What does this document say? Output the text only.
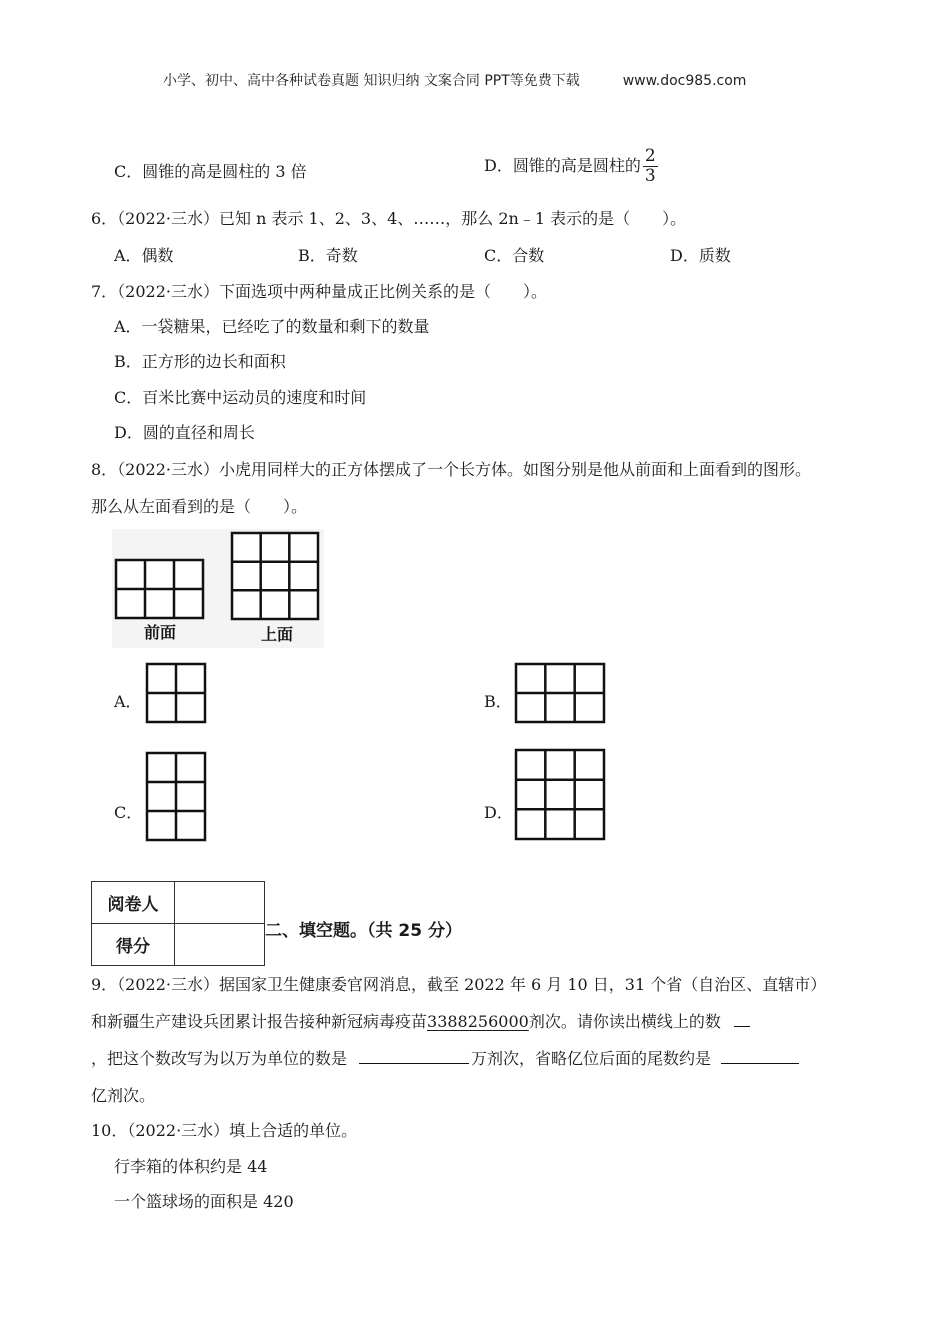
小学、初中、高中各种试卷真题 知识归纳 文案合同 PPT等免费下载	www.doc985.com
C．圆锥的高是圆柱的 3 倍	D．圆锥的高是圆柱的 $\frac{2}{3}$
6．（2022·三水）已知 n 表示 1、2、3、4、……，那么 2n﹣1 表示的是（　　）。
A．偶数	B．奇数	C．合数	D．质数
7．（2022·三水）下面选项中两种量成正比例关系的是（　　）。
A．一袋糖果，已经吃了的数量和剩下的数量
B．正方形的边长和面积
C．百米比赛中运动员的速度和时间
D．圆的直径和周长
8．（2022·三水）小虎用同样大的正方体摆成了一个长方体。如图分别是他从前面和上面看到的图形。
那么从左面看到的是（　　）。
前面	上面
A．	B．
C．	D．
阅卷人	
得分	
二、填空题。（共 25 分）
9．（2022·三水）据国家卫生健康委官网消息，截至 2022 年 6 月 10 日，31 个省（自治区、直辖市）
和新疆生产建设兵团累计报告接种新冠病毒疫苗3388256000剂次。请你读出横线上的数
，把这个数改写为以万为单位的数是	万剂次，省略亿位后面的尾数约是
亿剂次。
10．（2022·三水）填上合适的单位。
行李箱的体积约是 44
一个篮球场的面积是 420
